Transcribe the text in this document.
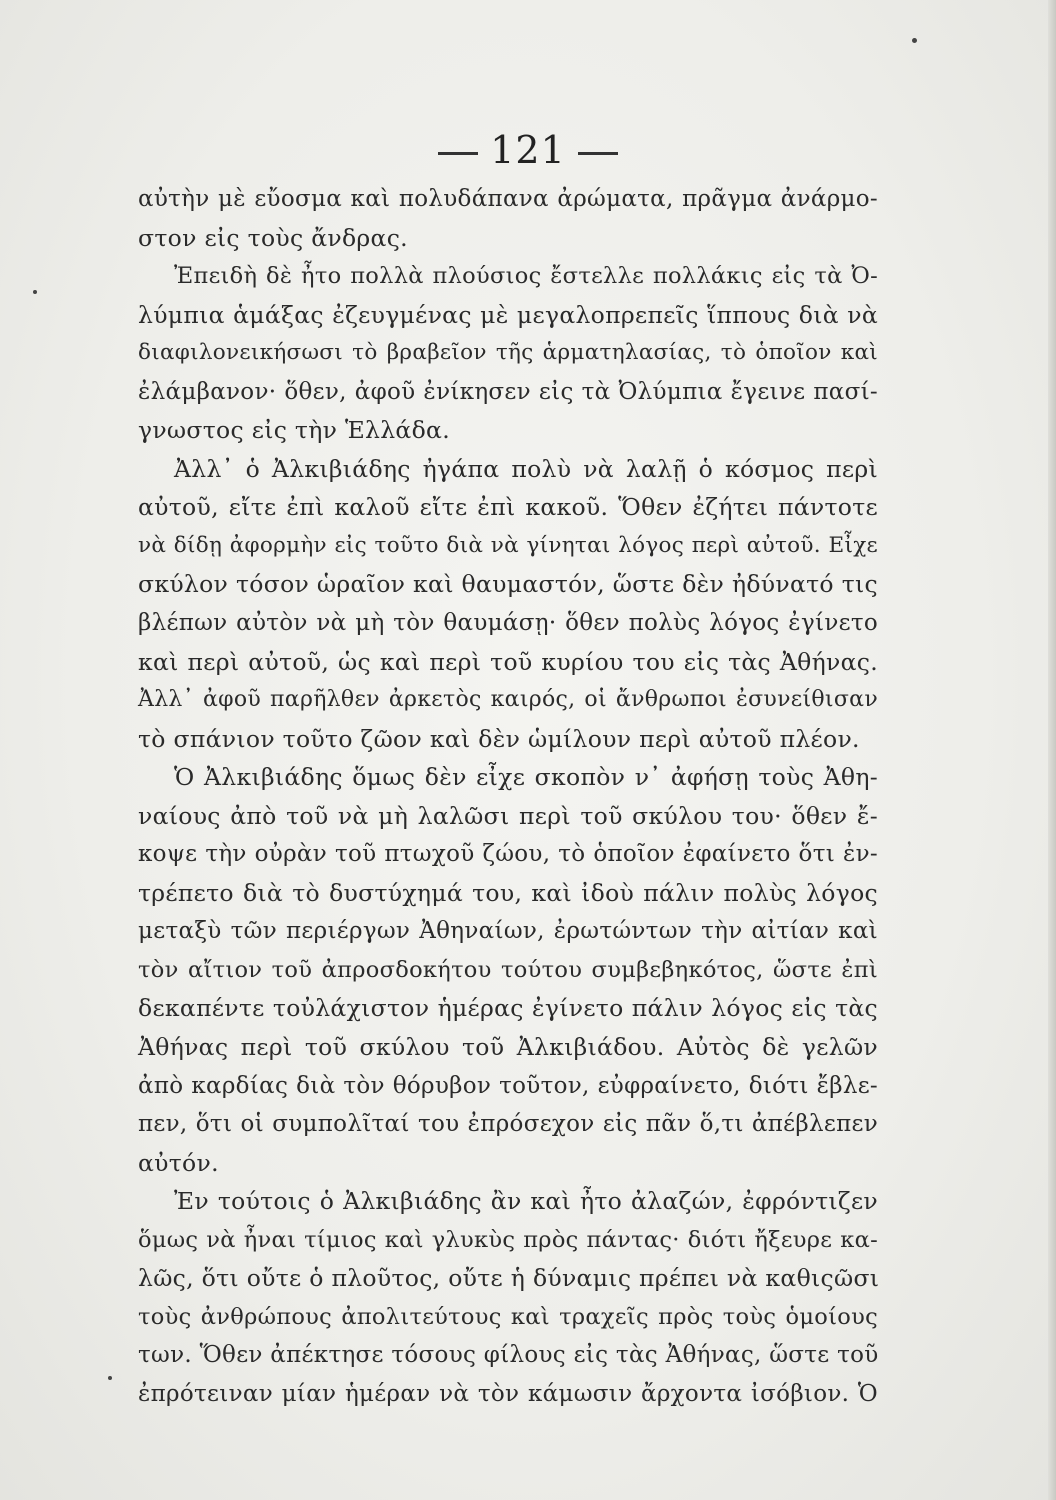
121
αὐτὴν μὲ εὔοσμα καὶ πολυδάπανα ἀρώματα, πρᾶγμα ἀνάρμο-
στον εἰς τοὺς ἄνδρας.
Ἐπειδὴ δὲ ἦτο πολλὰ πλούσιος ἔστελλε πολλάκις εἰς τὰ Ὀ-
λύμπια ἁμάξας ἐζευγμένας μὲ μεγαλοπρεπεῖς ἵππους διὰ νὰ
διαφιλονεικήσωσι τὸ βραβεῖον τῆς ἁρματηλασίας, τὸ ὁποῖον καὶ
ἐλάμβανον· ὅθεν, ἀφοῦ ἐνίκησεν εἰς τὰ Ὀλύμπια ἔγεινε πασί-
γνωστος εἰς τὴν Ἑλλάδα.
Ἀλλ᾽ ὁ Ἀλκιβιάδης ἠγάπα πολὺ νὰ λαλῇ ὁ κόσμος περὶ
αὐτοῦ, εἴτε ἐπὶ καλοῦ εἴτε ἐπὶ κακοῦ. Ὅθεν ἐζήτει πάντοτε
νὰ δίδῃ ἀφορμὴν εἰς τοῦτο διὰ νὰ γίνηται λόγος περὶ αὐτοῦ. Εἶχε
σκύλον τόσον ὡραῖον καὶ θαυμαστόν, ὥστε δὲν ἠδύνατό τις
βλέπων αὐτὸν νὰ μὴ τὸν θαυμάσῃ· ὅθεν πολὺς λόγος ἐγίνετο
καὶ περὶ αὐτοῦ, ὡς καὶ περὶ τοῦ κυρίου του εἰς τὰς Ἀθήνας.
Ἀλλ᾽ ἀφοῦ παρῆλθεν ἀρκετὸς καιρός, οἱ ἄνθρωποι ἐσυνείθισαν
τὸ σπάνιον τοῦτο ζῶον καὶ δὲν ὡμίλουν περὶ αὐτοῦ πλέον.
Ὁ Ἀλκιβιάδης ὅμως δὲν εἶχε σκοπὸν ν᾽ ἀφήσῃ τοὺς Ἀθη-
ναίους ἀπὸ τοῦ νὰ μὴ λαλῶσι περὶ τοῦ σκύλου του· ὅθεν ἔ-
κοψε τὴν οὐρὰν τοῦ πτωχοῦ ζώου, τὸ ὁποῖον ἐφαίνετο ὅτι ἐν-
τρέπετο διὰ τὸ δυστύχημά του, καὶ ἰδοὺ πάλιν πολὺς λόγος
μεταξὺ τῶν περιέργων Ἀθηναίων, ἐρωτώντων τὴν αἰτίαν καὶ
τὸν αἴτιον τοῦ ἀπροσδοκήτου τούτου συμβεβηκότος, ὥστε ἐπὶ
δεκαπέντε τοὐλάχιστον ἡμέρας ἐγίνετο πάλιν λόγος εἰς τὰς
Ἀθήνας περὶ τοῦ σκύλου τοῦ Ἀλκιβιάδου. Αὐτὸς δὲ γελῶν
ἀπὸ καρδίας διὰ τὸν θόρυβον τοῦτον, εὐφραίνετο, διότι ἔβλε-
πεν, ὅτι οἱ συμπολῖταί του ἐπρόσεχον εἰς πᾶν ὅ,τι ἀπέβλεπεν
αὐτόν.
Ἐν τούτοις ὁ Ἀλκιβιάδης ἂν καὶ ἦτο ἀλαζών, ἐφρόντιζεν
ὅμως νὰ ἦναι τίμιος καὶ γλυκὺς πρὸς πάντας· διότι ἤξευρε κα-
λῶς, ὅτι οὔτε ὁ πλοῦτος, οὔτε ἡ δύναμις πρέπει νὰ καθιςῶσι
τοὺς ἀνθρώπους ἀπολιτεύτους καὶ τραχεῖς πρὸς τοὺς ὁμοίους
των. Ὅθεν ἀπέκτησε τόσους φίλους εἰς τὰς Ἀθήνας, ὥστε τοῦ
ἐπρότειναν μίαν ἡμέραν νὰ τὸν κάμωσιν ἄρχοντα ἰσόβιον. Ὁ
